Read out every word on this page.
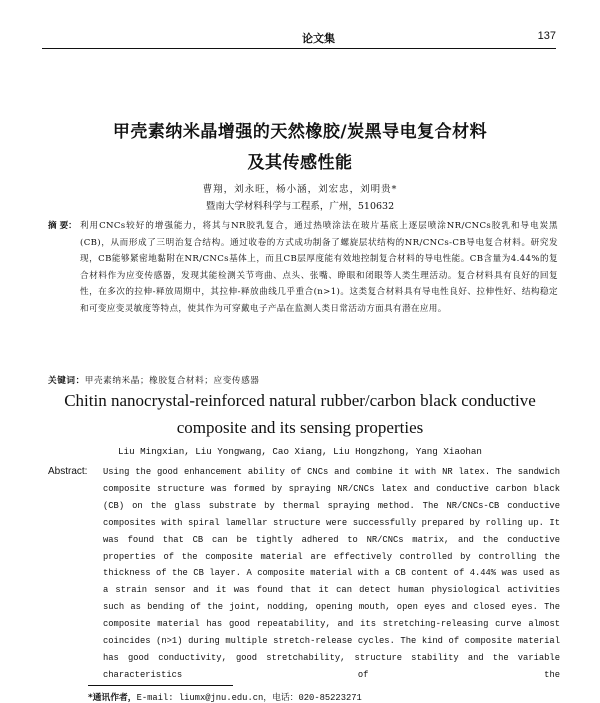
论文集	137
甲壳素纳米晶增强的天然橡胶/炭黑导电复合材料
及其传感性能
曹翔，刘永旺，杨小涵，刘宏忠，刘明贵*
暨南大学材料科学与工程系，广州，510632
摘 要： 利用CNCs较好的增强能力，将其与NR胶乳复合，通过热喷涂法在玻片基底上逐层喷涂NR/CNCs胶乳和导电炭黑(CB)，从而形成了三明治复合结构。通过收卷的方式成功制备了螺旋层状结构的NR/CNCs-CB导电复合材料。研究发现，CB能够紧密地黏附在NR/CNCs基体上，而且CB层厚度能有效地控制复合材料的导电性能。CB含量为4.44%的复合材料作为应变传感器，发现其能检测关节弯曲、点头、张嘴、睁眼和闭眼等人类生理活动。复合材料具有良好的回复性，在多次的拉伸-释放周期中，其拉伸-释放曲线几乎重合(n>1)。这类复合材料具有导电性良好、拉伸性好、结构稳定和可变应变灵敏度等特点，使其作为可穿戴电子产品在监测人类日常活动方面具有潜在应用。
关键词：甲壳素纳米晶；橡胶复合材料；应变传感器
Chitin nanocrystal-reinforced natural rubber/carbon black conductive
composite and its sensing properties
Liu Mingxian, Liu Yongwang, Cao Xiang, Liu Hongzhong, Yang Xiaohan
Abstract: Using the good enhancement ability of CNCs and combine it with NR latex. The sandwich composite structure was formed by spraying NR/CNCs latex and conductive carbon black (CB) on the glass substrate by thermal spraying method. The NR/CNCs-CB conductive composites with spiral lamellar structure were successfully prepared by rolling up. It was found that CB can be tightly adhered to NR/CNCs matrix, and the conductive properties of the composite material are effectively controlled by controlling the thickness of the CB layer. A composite material with a CB content of 4.44% was used as a strain sensor and it was found that it can detect human physiological activities such as bending of the joint, nodding, opening mouth, open eyes and closed eyes. The composite material has good repeatability, and its stretching-releasing curve almost coincides (n>1) during multiple stretch-release cycles. The kind of composite material has good conductivity, good stretchability, structure stability and the variable characteristics of the
*通讯作者，E-mail: liumx@jnu.edu.cn，电话：020-85223271
